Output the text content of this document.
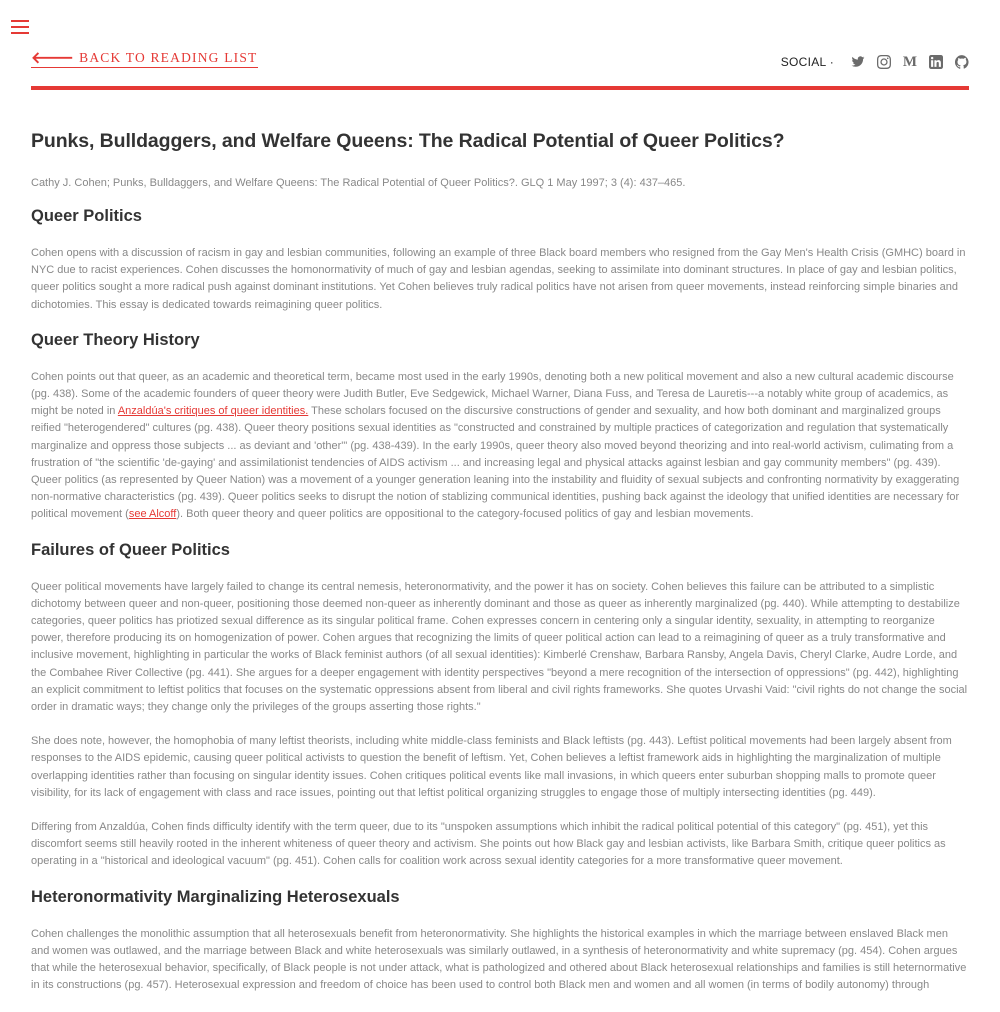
🡐 BACK TO READING LIST	SOCIAL ·	M
Punks, Bulldaggers, and Welfare Queens: The Radical Potential of Queer Politics?
Cathy J. Cohen; Punks, Bulldaggers, and Welfare Queens: The Radical Potential of Queer Politics?. GLQ 1 May 1997; 3 (4): 437–465.
Queer Politics

Cohen opens with a discussion of racism in gay and lesbian communities, following an example of three Black board members who resigned from the Gay Men's Health Crisis (GMHC) board in NYC due to racist experiences. Cohen discusses the homonormativity of much of gay and lesbian agendas, seeking to assimilate into dominant structures. In place of gay and lesbian politics, queer politics sought a more radical push against dominant institutions. Yet Cohen believes truly radical politics have not arisen from queer movements, instead reinforcing simple binaries and dichotomies. This essay is dedicated towards reimagining queer politics.

Queer Theory History

Cohen points out that queer, as an academic and theoretical term, became most used in the early 1990s, denoting both a new political movement and also a new cultural academic discourse (pg. 438). Some of the academic founders of queer theory were Judith Butler, Eve Sedgewick, Michael Warner, Diana Fuss, and Teresa de Lauretis---a notably white group of academics, as might be noted in Anzaldúa's critiques of queer identities. These scholars focused on the discursive constructions of gender and sexuality, and how both dominant and marginalized groups reified "heterogendered" cultures (pg. 438). Queer theory positions sexual identities as "constructed and constrained by multiple practices of categorization and regulation that systematically marginalize and oppress those subjects ... as deviant and 'other'" (pg. 438-439). In the early 1990s, queer theory also moved beyond theorizing and into real-world activism, culimating from a frustration of "the scientific 'de-gaying' and assimilationist tendencies of AIDS activism ... and increasing legal and physical attacks against lesbian and gay community members" (pg. 439). Queer politics (as represented by Queer Nation) was a movement of a younger generation leaning into the instability and fluidity of sexual subjects and confronting normativity by exaggerating non-normative characteristics (pg. 439). Queer politics seeks to disrupt the notion of stablizing communical identities, pushing back against the ideology that unified identities are necessary for political movement (see Alcoff). Both queer theory and queer politics are oppositional to the category-focused politics of gay and lesbian movements.

Failures of Queer Politics

Queer political movements have largely failed to change its central nemesis, heteronormativity, and the power it has on society. Cohen believes this failure can be attributed to a simplistic dichotomy between queer and non-queer, positioning those deemed non-queer as inherently dominant and those as queer as inherently marginalized (pg. 440). While attempting to destabilize categories, queer politics has priotized sexual difference as its singular political frame. Cohen expresses concern in centering only a singular identity, sexuality, in attempting to reorganize power, therefore producing its on homogenization of power. Cohen argues that recognizing the limits of queer political action can lead to a reimagining of queer as a truly transformative and inclusive movement, highlighting in particular the works of Black feminist authors (of all sexual identities): Kimberlé Crenshaw, Barbara Ransby, Angela Davis, Cheryl Clarke, Audre Lorde, and the Combahee River Collective (pg. 441). She argues for a deeper engagement with identity perspectives "beyond a mere recognition of the intersection of oppressions" (pg. 442), highlighting an explicit commitment to leftist politics that focuses on the systematic oppressions absent from liberal and civil rights frameworks. She quotes Urvashi Vaid: "civil rights do not change the social order in dramatic ways; they change only the privileges of the groups asserting those rights."

She does note, however, the homophobia of many leftist theorists, including white middle-class feminists and Black leftists (pg. 443). Leftist political movements had been largely absent from responses to the AIDS epidemic, causing queer political activists to question the benefit of leftism. Yet, Cohen believes a leftist framework aids in highlighting the marginalization of multiple overlapping identities rather than focusing on singular identity issues. Cohen critiques political events like mall invasions, in which queers enter suburban shopping malls to promote queer visibility, for its lack of engagement with class and race issues, pointing out that leftist political organizing struggles to engage those of multiply intersecting identities (pg. 449).

Differing from Anzaldúa, Cohen finds difficulty identify with the term queer, due to its "unspoken assumptions which inhibit the radical political potential of this category" (pg. 451), yet this discomfort seems still heavily rooted in the inherent whiteness of queer theory and activism. She points out how Black gay and lesbian activists, like Barbara Smith, critique queer politics as operating in a "historical and ideological vacuum" (pg. 451). Cohen calls for coalition work across sexual identity categories for a more transformative queer movement.

Heteronormativity Marginalizing Heterosexuals

Cohen challenges the monolithic assumption that all heterosexuals benefit from heteronormativity. She highlights the historical examples in which the marriage between enslaved Black men and women was outlawed, and the marriage between Black and white heterosexuals was similarly outlawed, in a synthesis of heteronormativity and white supremacy (pg. 454). Cohen argues that while the heterosexual behavior, specifically, of Black people is not under attack, what is pathologized and othered about Black heterosexual relationships and families is still heternormative in its constructions (pg. 457). Heterosexual expression and freedom of choice has been used to control both Black men and women and all women (in terms of bodily autonomy) through
